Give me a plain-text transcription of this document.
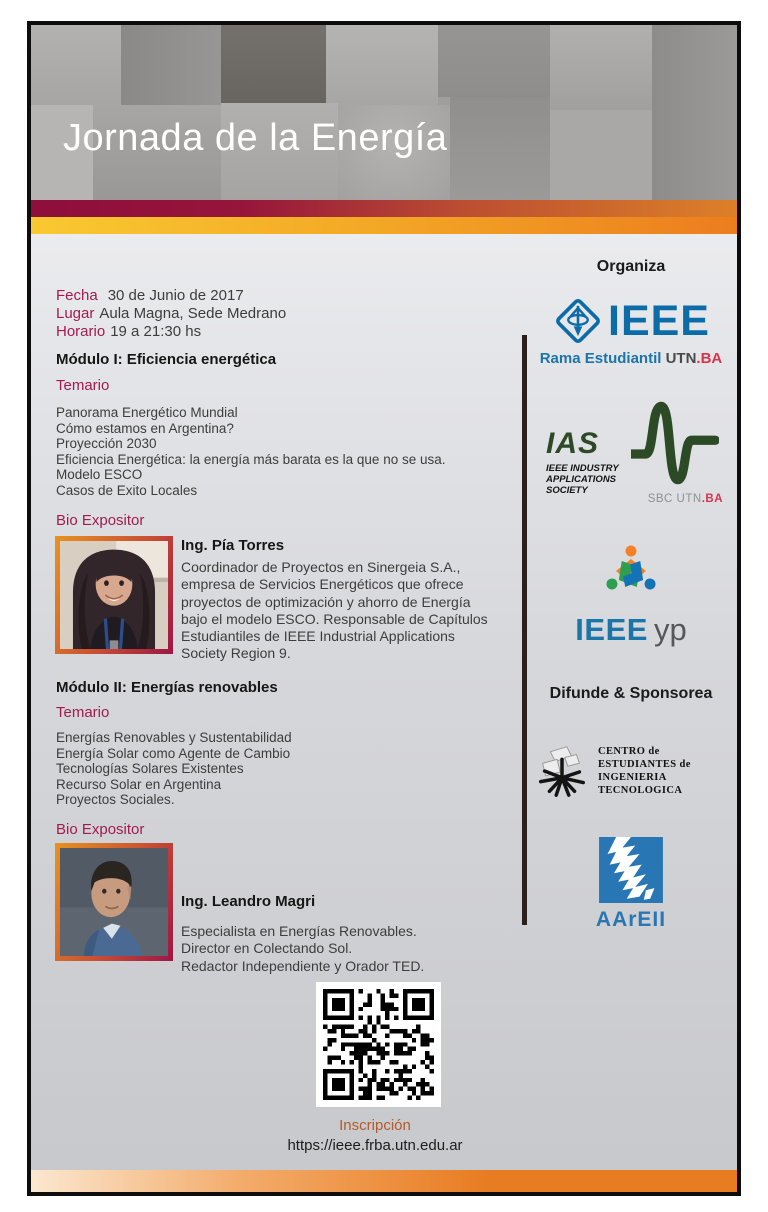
Jornada de la Energía
Fecha 30 de Junio de 2017
Lugar Aula Magna, Sede Medrano
Horario 19 a 21:30 hs
Módulo I: Eficiencia energética
Temario
Panorama Energético Mundial
Cómo estamos en Argentina?
Proyección 2030
Eficiencia Energética: la energía más barata es la que no se usa.
Modelo ESCO
Casos de Exito Locales
Bio Expositor
Ing. Pía Torres
Coordinador de Proyectos en Sinergeia S.A., empresa de Servicios Energéticos que ofrece proyectos de optimización y ahorro de Energía bajo el modelo ESCO. Responsable de Capítulos Estudiantiles de IEEE Industrial Applications Society Region 9.
Módulo II: Energías renovables
Temario
Energías Renovables y Sustentabilidad
Energía Solar como Agente de Cambio
Tecnologías Solares Existentes
Recurso Solar en Argentina
Proyectos Sociales.
Bio Expositor
Ing. Leandro Magri
Especialista en Energías Renovables.
Director en Colectando Sol.
Redactor Independiente y Orador TED.
Organiza
IEEE
Rama Estudiantil UTN.BA
IAS
IEEE INDUSTRY
APPLICATIONS
SOCIETY
SBC UTN.BA
IEEE yp
Difunde & Sponsorea
CENTRO de
ESTUDIANTES de
INGENIERIA
TECNOLOGICA
AArEII
Inscripción
https://ieee.frba.utn.edu.ar
